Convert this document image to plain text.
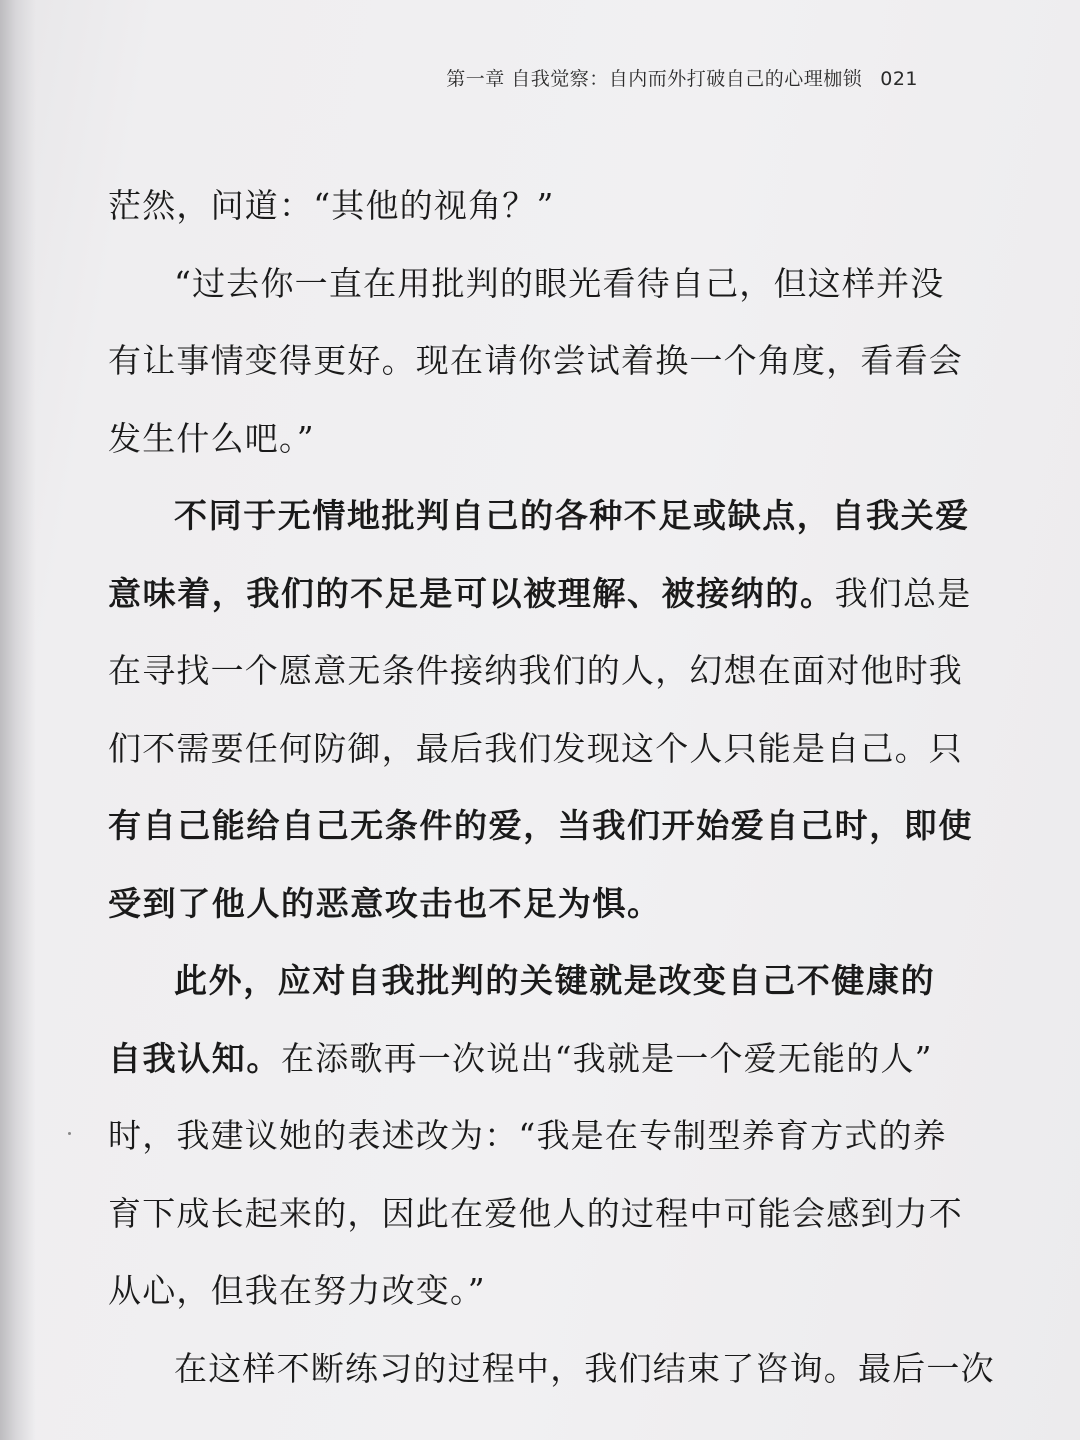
第一章 自我觉察：自内而外打破自己的心理枷锁 021
茫然，问道：“其他的视角？”
“过去你一直在用批判的眼光看待自己，但这样并没
有让事情变得更好。现在请你尝试着换一个角度，看看会
发生什么吧。”
不同于无情地批判自己的各种不足或缺点，自我关爱
意味着，我们的不足是可以被理解、被接纳的。我们总是
在寻找一个愿意无条件接纳我们的人，幻想在面对他时我
们不需要任何防御，最后我们发现这个人只能是自己。只
有自己能给自己无条件的爱，当我们开始爱自己时，即使
受到了他人的恶意攻击也不足为惧。
此外，应对自我批判的关键就是改变自己不健康的
自我认知。在添歌再一次说出“我就是一个爱无能的人”
时，我建议她的表述改为：“我是在专制型养育方式的养
育下成长起来的，因此在爱他人的过程中可能会感到力不
从心，但我在努力改变。”
在这样不断练习的过程中，我们结束了咨询。最后一次
